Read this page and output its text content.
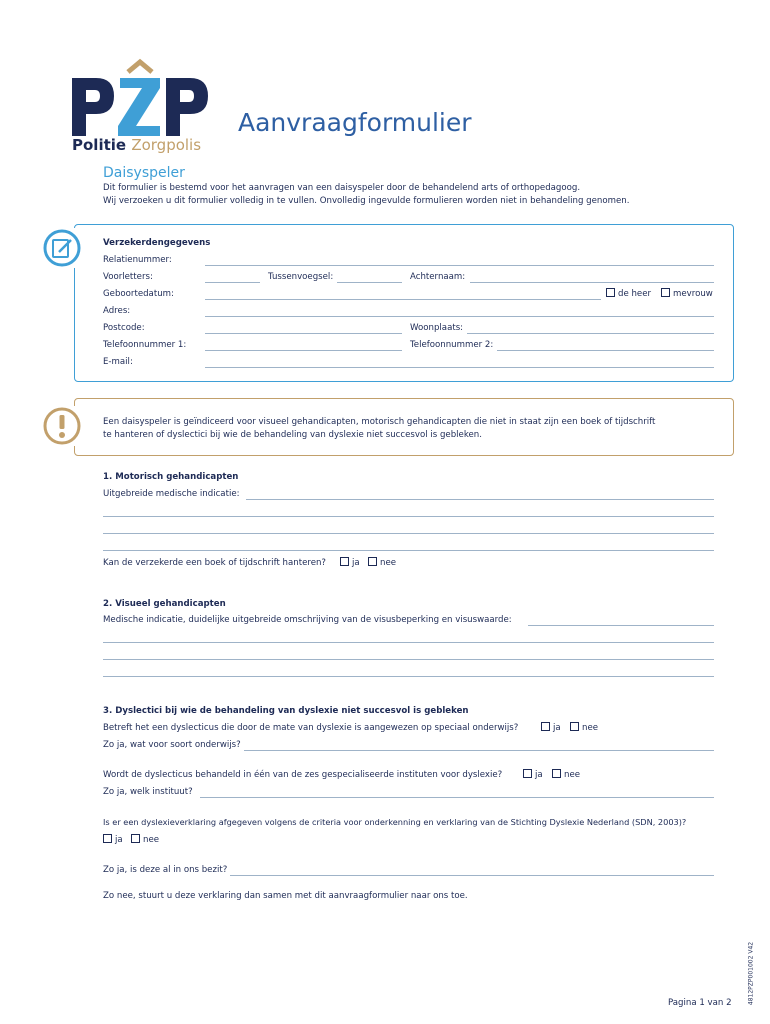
Politie Zorgpolis
Aanvraagformulier
Daisyspeler
Dit formulier is bestemd voor het aanvragen van een daisyspeler door de behandelend arts of orthopedagoog.
Wij verzoeken u dit formulier volledig in te vullen. Onvolledig ingevulde formulieren worden niet in behandeling genomen.
Verzekerdengegevens
Relatienummer:
Voorletters:	Tussenvoegsel:	Achternaam:
Geboortedatum:	de heer	mevrouw
Adres:
Postcode:	Woonplaats:
Telefoonnummer 1:	Telefoonnummer 2:
E-mail:
Een daisyspeler is geïndiceerd voor visueel gehandicapten, motorisch gehandicapten die niet in staat zijn een boek of tijdschrift
te hanteren of dyslectici bij wie de behandeling van dyslexie niet succesvol is gebleken.
1. Motorisch gehandicapten
Uitgebreide medische indicatie:
Kan de verzekerde een boek of tijdschrift hanteren?	ja	nee
2. Visueel gehandicapten
Medische indicatie, duidelijke uitgebreide omschrijving van de visusbeperking en visuswaarde:
3. Dyslectici bij wie de behandeling van dyslexie niet succesvol is gebleken
Betreft het een dyslecticus die door de mate van dyslexie is aangewezen op speciaal onderwijs?	ja	nee
Zo ja, wat voor soort onderwijs?
Wordt de dyslecticus behandeld in één van de zes gespecialiseerde instituten voor dyslexie?	ja	nee
Zo ja, welk instituut?
Is er een dyslexieverklaring afgegeven volgens de criteria voor onderkenning en verklaring van de Stichting Dyslexie Nederland (SDN, 2003)?
ja	nee
Zo ja, is deze al in ons bezit?
Zo nee, stuurt u deze verklaring dan samen met dit aanvraagformulier naar ons toe.
4812PZP001002 V42
Pagina 1 van 2
